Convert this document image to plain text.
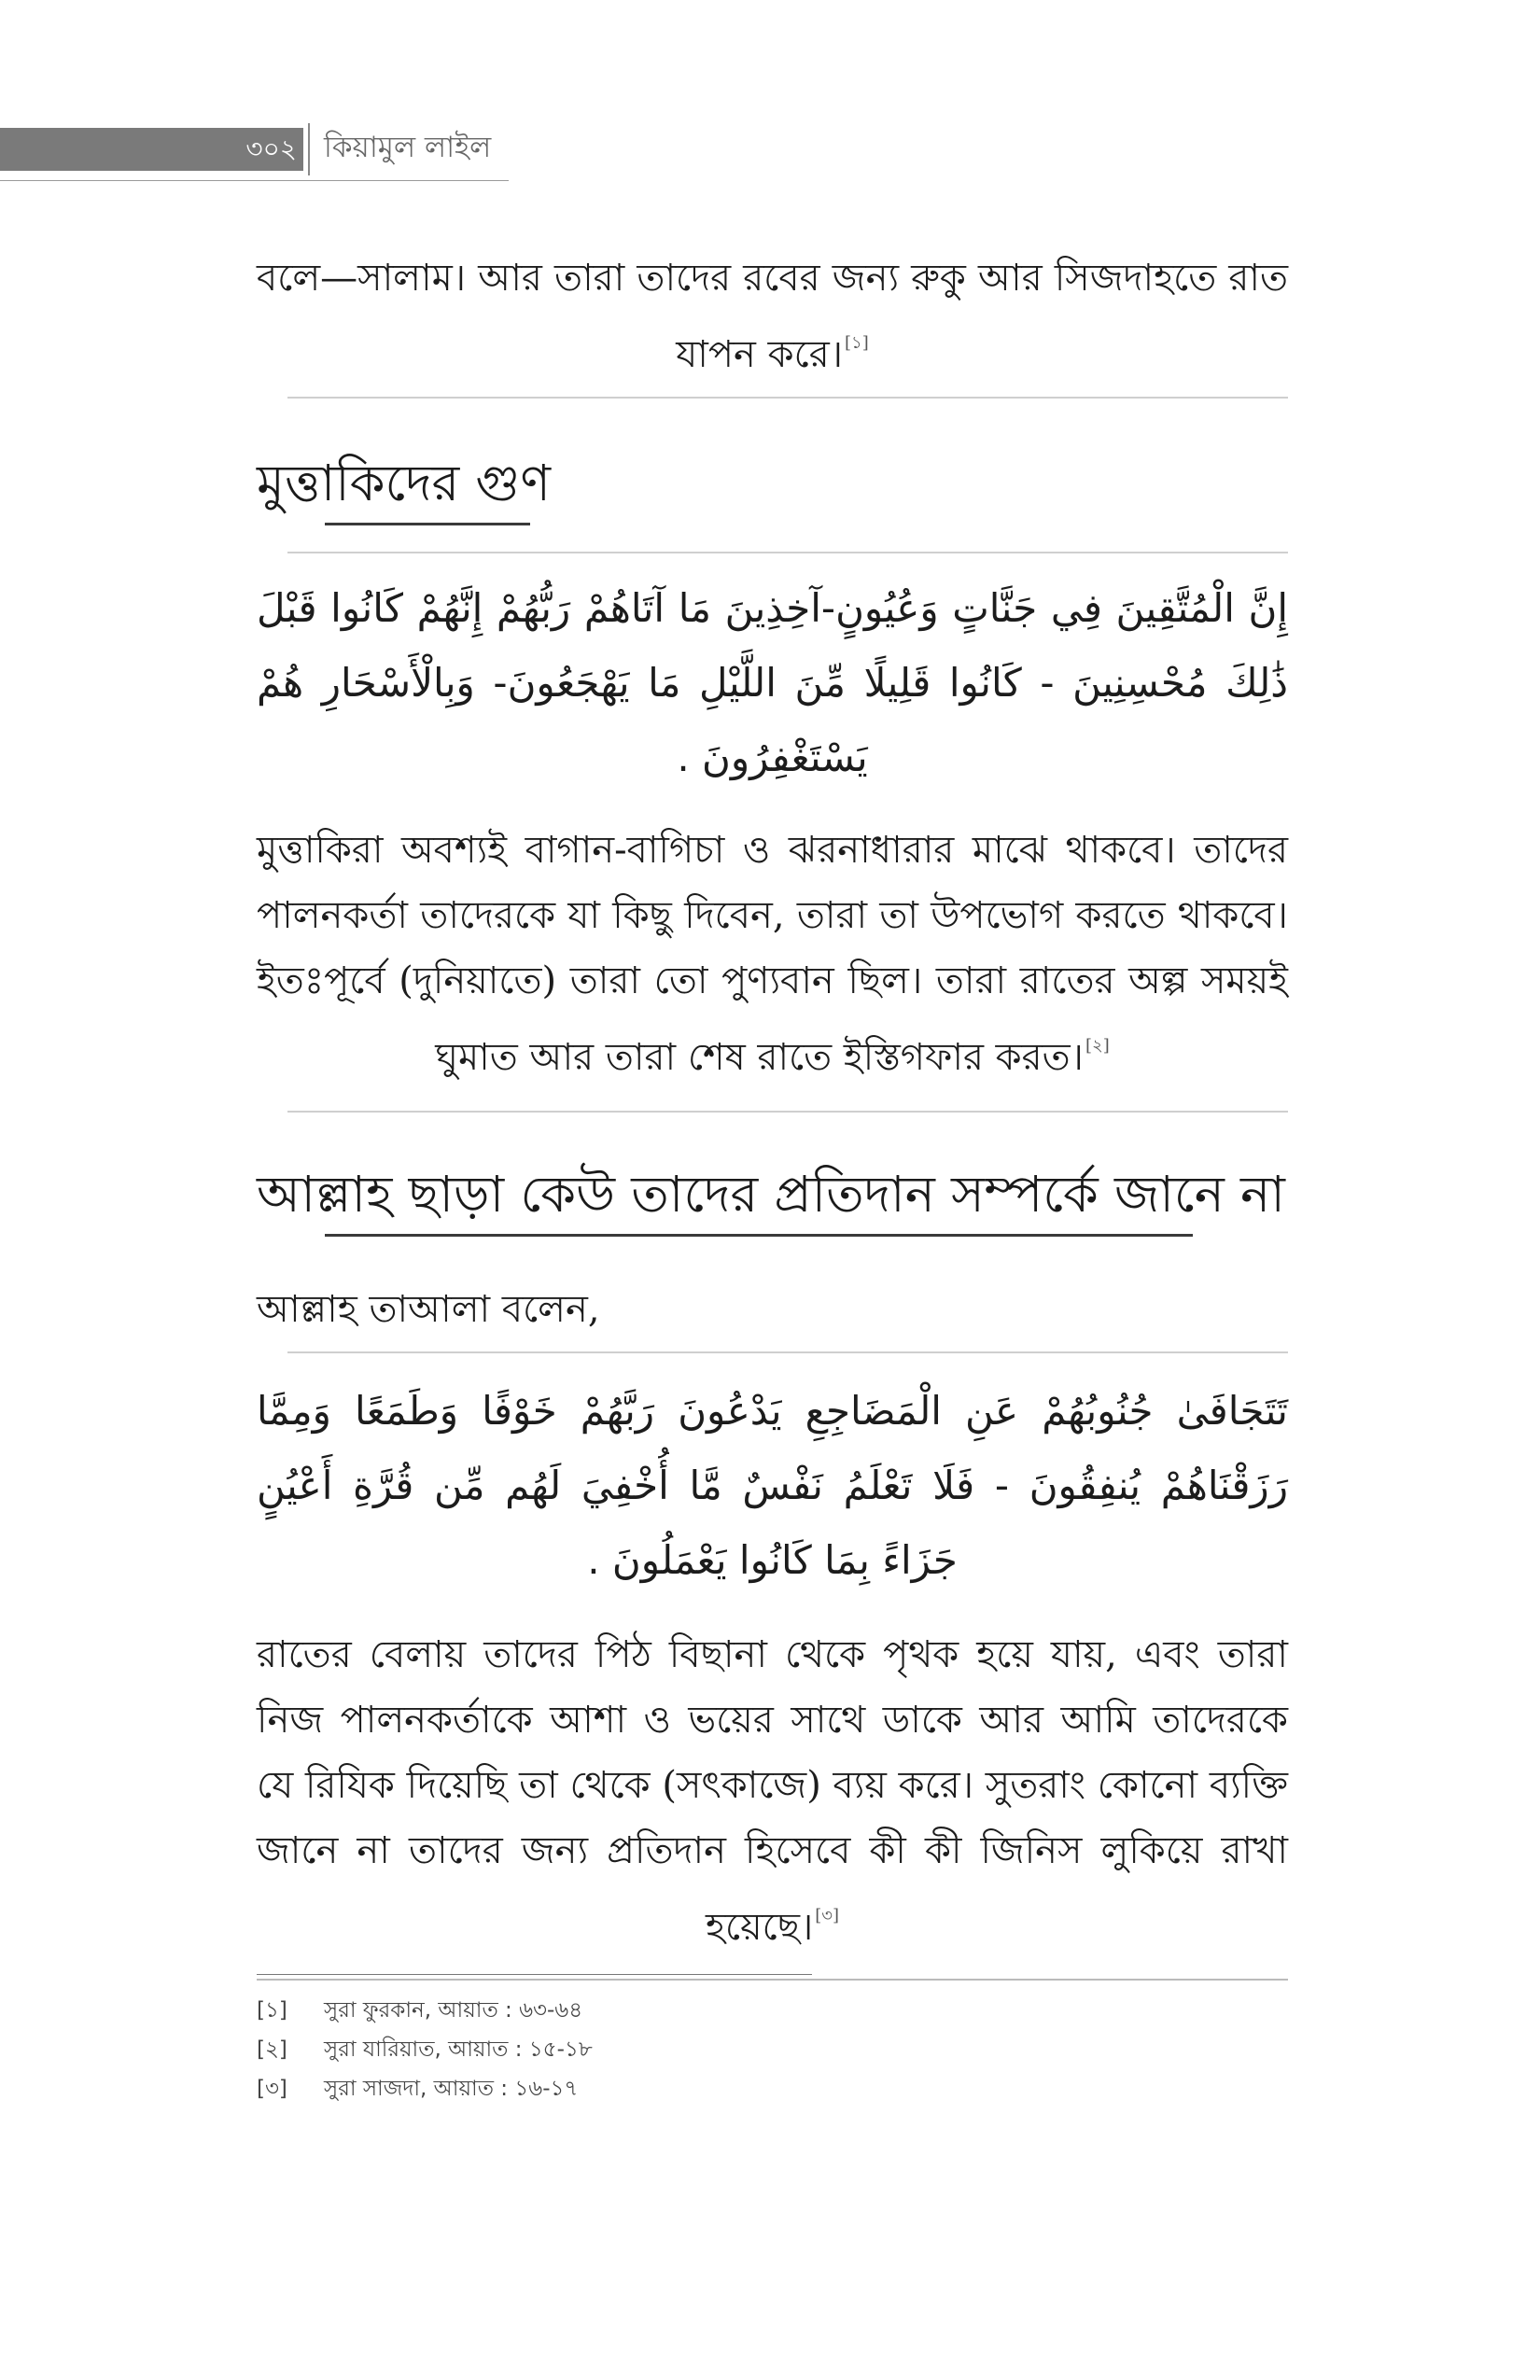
৩০২ কিয়ামুল লাইল

বলে—সালাম। আর তারা তাদের রবের জন্য রুকু আর সিজদাহতে রাত যাপন করে। [১]

মুত্তাকিদের গুণ

إِنَّ الْمُتَّقِينَ فِي جَنَّاتٍ وَعُيُونٍ-آخِذِينَ مَا آتَاهُمْ رَبُّهُمْ إِنَّهُمْ كَانُوا قَبْلَ ذَٰلِكَ مُحْسِنِينَ - كَانُوا قَلِيلًا مِّنَ اللَّيْلِ مَا يَهْجَعُونَ- وَبِالْأَسْحَارِ هُمْ يَسْتَغْفِرُونَ .

মুত্তাকিরা অবশ্যই বাগান-বাগিচা ও ঝরনাধারার মাঝে থাকবে। তাদের পালনকর্তা তাদেরকে যা কিছু দিবেন, তারা তা উপভোগ করতে থাকবে। ইতঃপূর্বে (দুনিয়াতে) তারা তো পুণ্যবান ছিল। তারা রাতের অল্প সময়ই ঘুমাত আর তারা শেষ রাতে ইস্তিগফার করত। [২]

আল্লাহ ছাড়া কেউ তাদের প্রতিদান সম্পর্কে জানে না

আল্লাহ তাআলা বলেন,

تَتَجَافَىٰ جُنُوبُهُمْ عَنِ الْمَضَاجِعِ يَدْعُونَ رَبَّهُمْ خَوْفًا وَطَمَعًا وَمِمَّا رَزَقْنَاهُمْ يُنفِقُونَ - فَلَا تَعْلَمُ نَفْسٌ مَّا أُخْفِيَ لَهُم مِّن قُرَّةِ أَعْيُنٍ جَزَاءً بِمَا كَانُوا يَعْمَلُونَ .

রাতের বেলায় তাদের পিঠ বিছানা থেকে পৃথক হয়ে যায়, এবং তারা নিজ পালনকর্তাকে আশা ও ভয়ের সাথে ডাকে আর আমি তাদেরকে যে রিযিক দিয়েছি তা থেকে (সৎকাজে) ব্যয় করে। সুতরাং কোনো ব্যক্তি জানে না তাদের জন্য প্রতিদান হিসেবে কী কী জিনিস লুকিয়ে রাখা হয়েছে। [৩]

[১] সুরা ফুরকান, আয়াত : ৬৩-৬৪
[২] সুরা যারিয়াত, আয়াত : ১৫-১৮
[৩] সুরা সাজদা, আয়াত : ১৬-১৭
